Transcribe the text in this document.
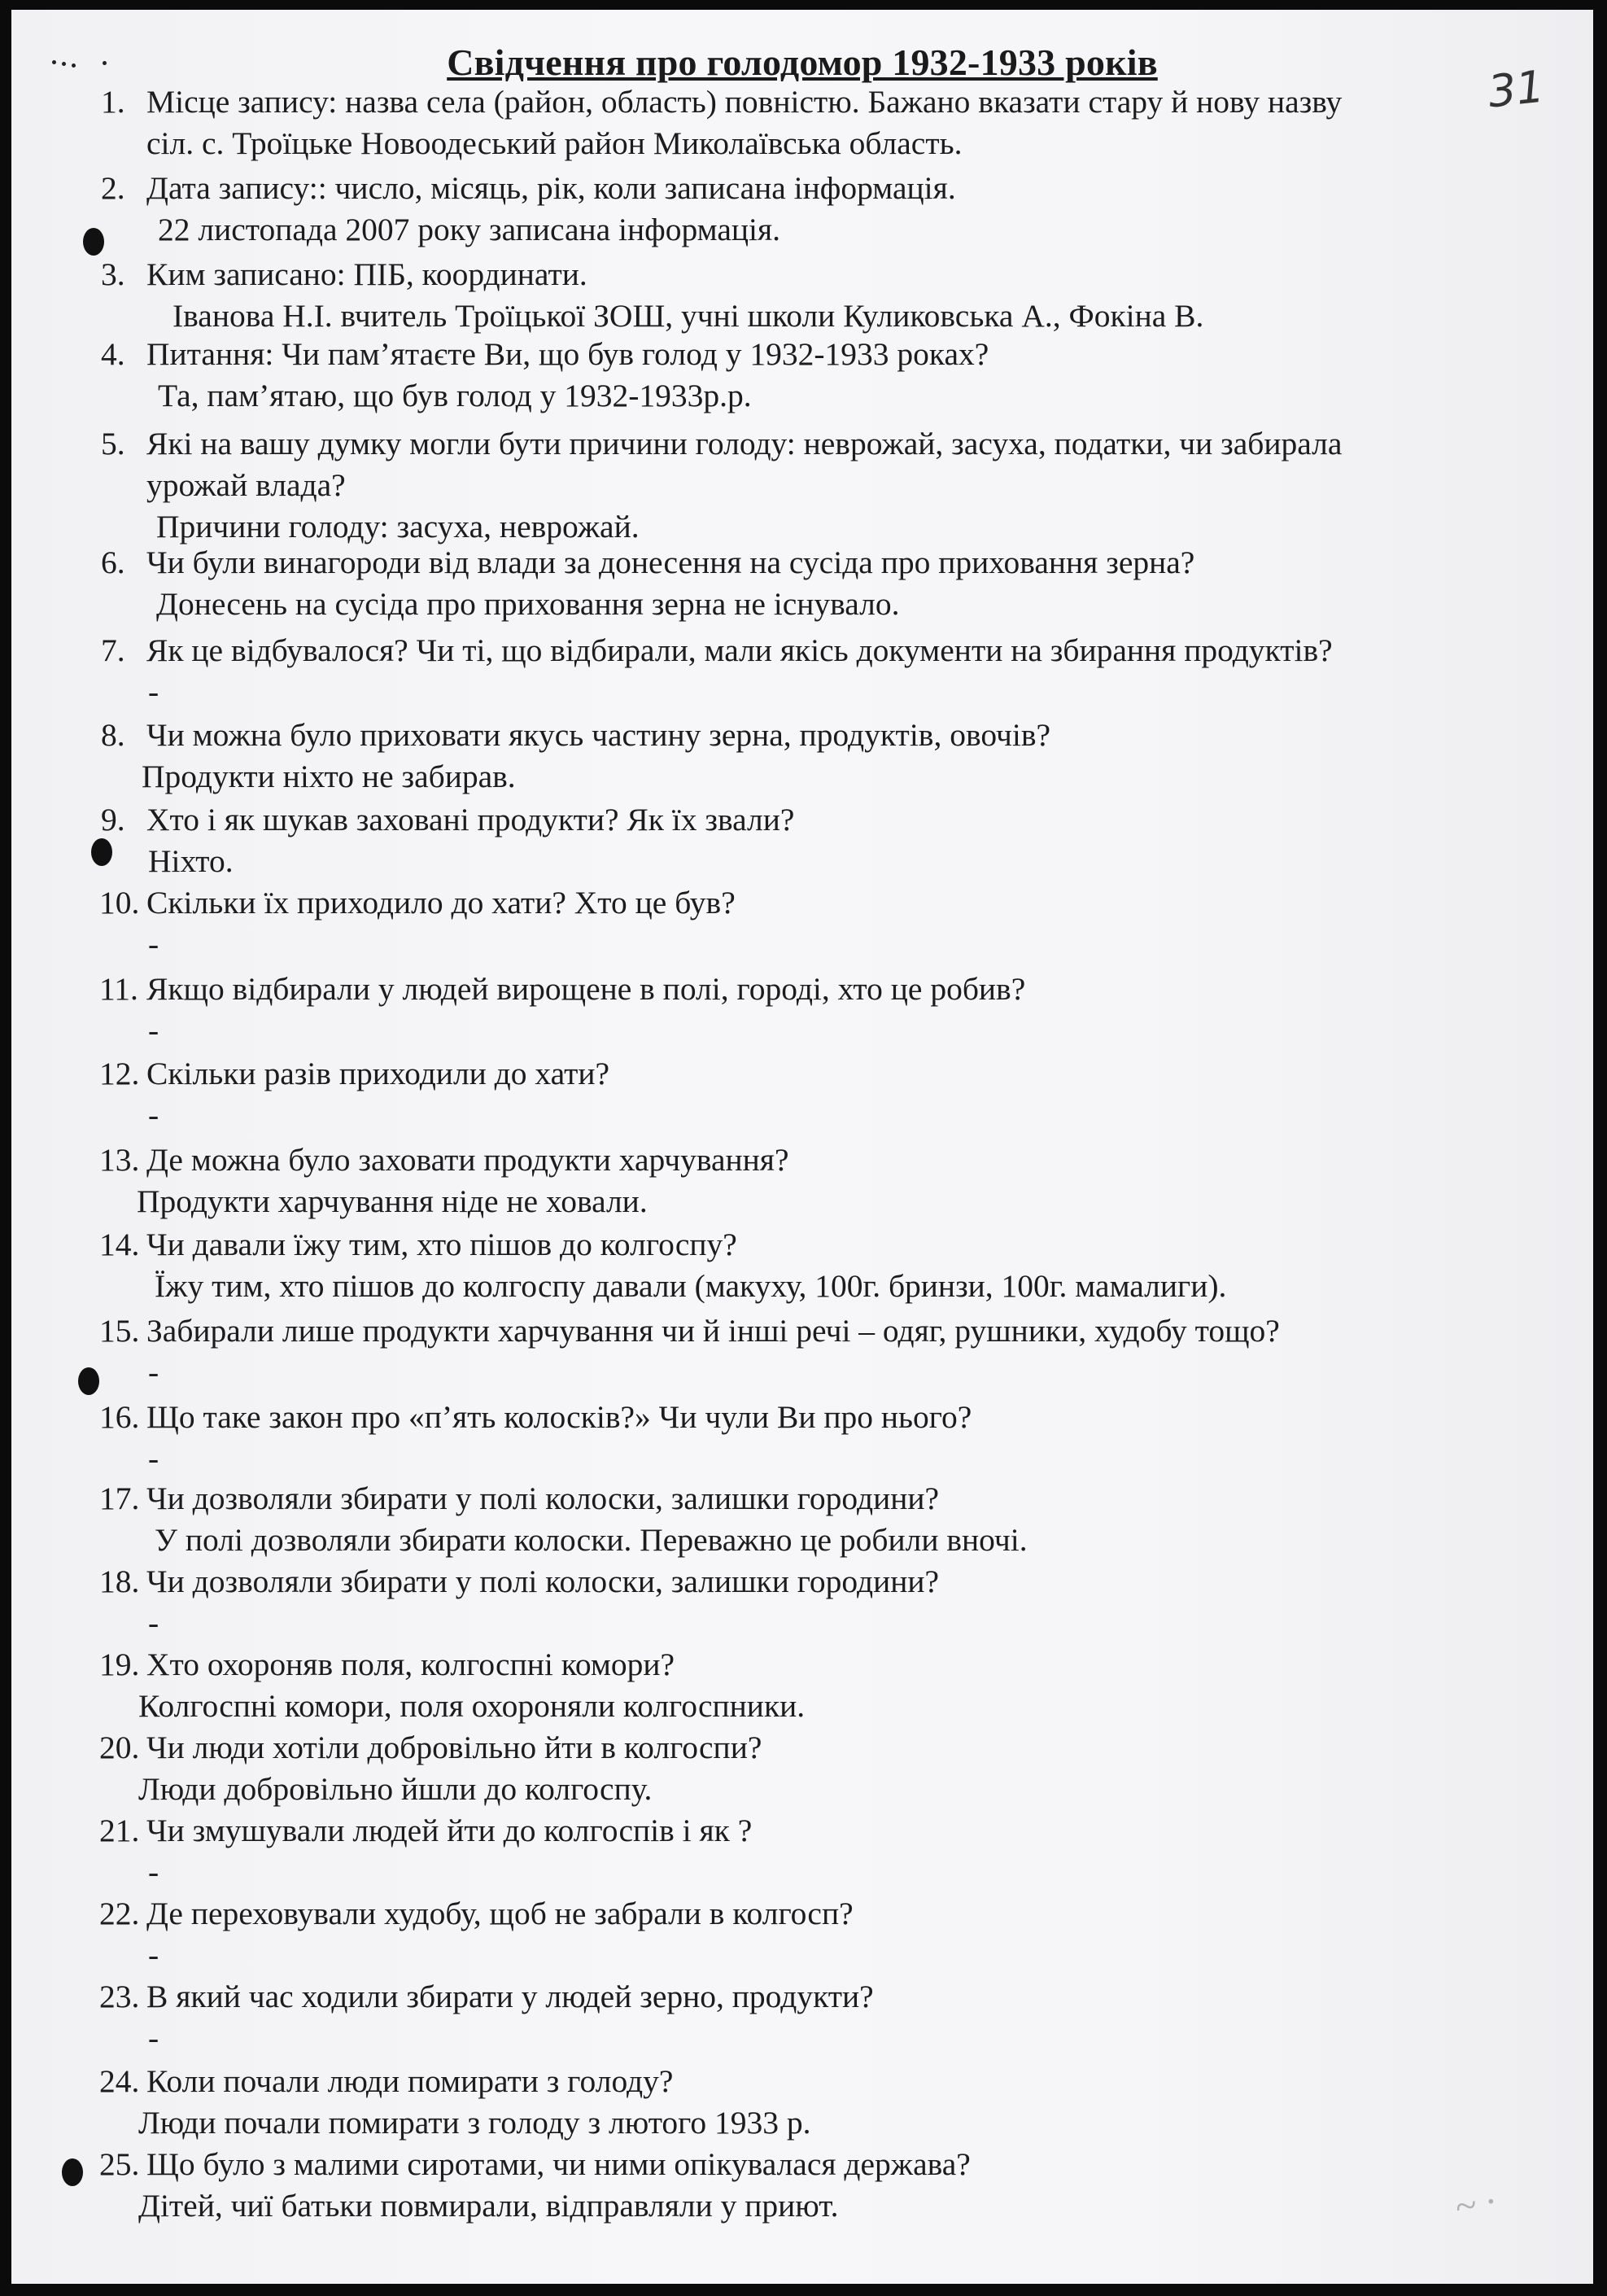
Свідчення про голодомор 1932-1933 років	31
1. Місце запису: назва села (район, область) повністю. Бажано вказати стару й нову назву
сіл. с. Троїцьке Новоодеський район Миколаївська область.
2. Дата запису:: число, місяць, рік, коли записана інформація.
22 листопада 2007 року записана інформація.
3. Ким записано: ПІБ, координати.
Іванова Н.І. вчитель Троїцької ЗОШ, учні школи Куликовська А., Фокіна В.
4. Питання: Чи пам’ятаєте Ви, що був голод у 1932-1933 роках?
Та, пам’ятаю, що був голод у 1932-1933р.р.
5. Які на вашу думку могли бути причини голоду: неврожай, засуха, податки, чи забирала
урожай влада?
Причини голоду: засуха, неврожай.
6. Чи були винагороди від влади за донесення на сусіда про приховання зерна?
Донесень на сусіда про приховання зерна не існувало.
7. Як це відбувалося? Чи ті, що відбирали, мали якісь документи на збирання продуктів?
-
8. Чи можна було приховати якусь частину зерна, продуктів, овочів?
Продукти ніхто не забирав.
9. Хто і як шукав заховані продукти? Як їх звали?
Ніхто.
10. Скільки їх приходило до хати? Хто це був?
-
11. Якщо відбирали у людей вирощене в полі, городі, хто це робив?
-
12. Скільки разів приходили до хати?
-
13. Де можна було заховати продукти харчування?
Продукти харчування ніде не ховали.
14. Чи давали їжу тим, хто пішов до колгоспу?
Їжу тим, хто пішов до колгоспу давали (макуху, 100г. бринзи, 100г. мамалиги).
15. Забирали лише продукти харчування чи й інші речі – одяг, рушники, худобу тощо?
-
16. Що таке закон про «п’ять колосків?» Чи чули Ви про нього?
-
17. Чи дозволяли збирати у полі колоски, залишки городини?
У полі дозволяли збирати колоски. Переважно це робили вночі.
18. Чи дозволяли збирати у полі колоски, залишки городини?
-
19. Хто охороняв поля, колгоспні комори?
Колгоспні комори, поля охороняли колгоспники.
20. Чи люди хотіли добровільно йти в колгоспи?
Люди добровільно йшли до колгоспу.
21. Чи змушували людей йти до колгоспів і як ?
-
22. Де переховували худобу, щоб не забрали в колгосп?
-
23. В який час ходили збирати у людей зерно, продукти?
-
24. Коли почали люди помирати з голоду?
Люди почали помирати з голоду з лютого 1933 р.
25. Що було з малими сиротами, чи ними опікувалася держава?
Дітей, чиї батьки повмирали, відправляли у приют.	~ ·
